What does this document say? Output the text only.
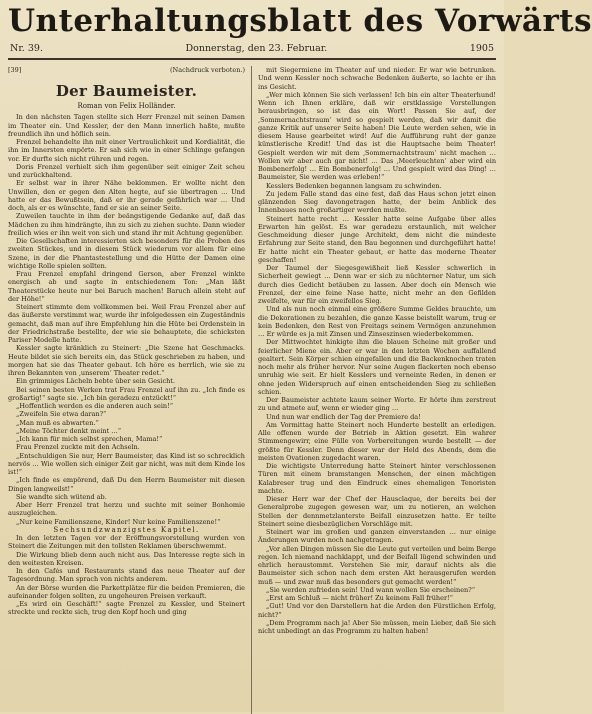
Unterhaltungsblatt des Vorwärts
Nr. 39.	Donnerstag, den 23. Februar.	1905
[39]	(Nachdruck verboten.)
Der Baumeister.
Roman von Felix Holländer.

In den nächsten Tagen stellte sich Herr Frenzel mit seinen Damen im Theater ein. Und Kessler, der den Mann innerlich haßte, mußte freundlich ihn und höflich sein.

Frenzel behandelte ihn mit einer Vertraulichkeit und Kordialität, die ihn im Innersten empörte. Er sah sich wie in einer Schlinge gefangen vor. Er durfte sich nicht rühren und regen.

Doris Frenzel verhielt sich ihm gegenüber seit einiger Zeit scheu und zurückhaltend.

Er selbst war in ihrer Nähe beklommen. Er wollte nicht den Unwillen, den er gegen den Alten hegte, auf sie übertragen … Und hatte er das Bewußtsein, daß er ihr gerade gefährlich war … Und doch, als er es wünschte, fand er sie an seiner Seite.

Zuweilen tauchte in ihm der beängstigende Gedanke auf, daß das Mädchen zu ihm hindrängte, ihn zu sich zu ziehen suchte. Dann wieder freilich wies er ihn weit von sich und stand ihr mit Achtung gegenüber.

Die Gesellschaften interessierten sich besonders für die Proben des zweiten Stückes, und in diesem Stück wiederum vor allem für eine Szene, in der die Phantastestellung und die Hütte der Damen eine wichtige Rolle spielen sollten.

Frau Frenzel empfahl dringend Gerson, aber Frenzel winkte energisch ab und sagte in entschiedenem Ton: „Man läßt Theaterstücke heute nur bei Baruch machen! Baruch allein steht auf der Höhe!“

Steinert stimmte dem vollkommen bei. Weil Frau Frenzel aber auf das äußerste verstimmt war, wurde ihr infolgedessen ein Zugeständnis gemacht, daß man auf ihre Empfehlung hin die Hüte bei Ordenstein in der Friedrichstraße bestellte, der wie sie behauptete, die schicksten Pariser Modelle hatte.

Kessler sagte kränklich zu Steinert: „Die Szene hat Geschmacks. Heute bildet sie sich bereits ein, das Stück geschrieben zu haben, und morgen hat sie das Theater gebaut. Ich höre es herrlich, wie sie zu ihren Bekannten von ‚unserem‘ Theater redet.“

Ein grimmiges Lächeln bebte über sein Gesicht.

Bei seinen besten Werken trat Frau Frenzel auf ihn zu. „Ich finde es großartig!“ sagte sie. „Ich bin geradezu entzückt!“

„Hoffentlich werden es die anderen auch sein!“

„Zweifeln Sie etwa daran?“

„Man muß es abwarten.“

„Meine Töchter denkt meint …“

„Ich kann für mich selbst sprechen, Mama!“

Frau Frenzel zuckte mit den Achseln.

„Entschuldigen Sie nur, Herr Baumeister, das Kind ist so schrecklich nervös … Wie wollen sich einiger Zeit gar nicht, was mit dem Kinde los ist!“

„Ich finde es empörend, daß Du den Herrn Baumeister mit diesen Dingen langweilst!“

Sie wandte sich wütend ab.

Aber Herr Frenzel trat herzu und suchte mit seiner Bonhomie auszugleichen.

„Nur keine Familienszene, Kinder! Nur keine Familienszene!“

Sechsundzwanzigstes Kapitel.

In den letzten Tagen vor der Eröffnungsvorstellung wurden von Steinert die Zeitungen mit den tollsten Reklamen überschwemmt.

Die Wirkung blieb denn auch nicht aus. Das Interesse regte sich in den weitesten Kreisen.

In den Cafés und Restaurants stand das neue Theater auf der Tagesordnung. Man sprach von nichts anderem.

An der Börse wurden die Parkettplätze für die beiden Premieren, die aufeinander folgen sollten, zu ungeheuren Preisen verkauft.

„Es wird ein Geschäft!“ sagte Frenzel zu Kessler, und Steinert streckte und reckte sich, trug den Kopf hoch und ging

mit Siegermiene im Theater auf und nieder. Er war wie betrunken. Und wenn Kessler noch schwache Bedenken äußerte, so lachte er ihn ins Gesicht.

„Wer mich können Sie sich verlassen! Ich bin ein alter Theaterhund! Wenn ich Ihnen erkläre, daß wir erstklassige Vorstellungen herausbringen, so ist das ein Wort! Passen Sie auf, der ‚Sommernachtstraum‘ wird so gespielt werden, daß wir damit die ganze Kritik auf unserer Seite haben! Die Leute werden sehen, wie in diesem Hause gearbeitet wird! Auf die Aufführung ruht der ganze künstlerische Kredit! Und das ist die Hauptsache beim Theater! Gespielt werden wir mit dem ‚Sommernachtstraum‘ nicht machen … Wollen wir aber auch gar nicht! … Das ‚Meerleuchten‘ aber wird ein Bombenerfolg! … Ein Bombenerfolg! … Und gespielt wird das Ding! … Baumeister, Sie werden was erleben!“

Kesslers Bedenken begannen langsam zu schwinden.

Zu jedem Falle stand das eine fest, daß das Haus schon jetzt einen glänzenden Sieg davongetragen hatte, der beim Anblick des Innenbaues noch großartiger werden mußte.

Steinert hatte recht … Kessler hatte seine Aufgabe über alles Erwarten hin gelöst. Es war geradezu erstaunlich, mit welcher Geschmeidung dieser junge Architekt, dem nicht die mindeste Erfahrung zur Seite stand, den Bau begonnen und durchgeführt hatte! Er hatte nicht ein Theater gebaut, er hatte das moderne Theater geschaffen!

Der Taumel der Siegesgewißheit ließ Kessler schwerlich in Sicherheit gewiegt … Denn war er sich zu nüchterner Natur, um sich durch dies Gedicht betäuben zu lassen. Aber doch ein Mensch wie Frenzel, der eine feine Nase hatte, nicht mehr an den Gefilden zweifelte, war für ein zweifellos Sieg.

Und als nun noch einmal eine größere Summe Geldes brauchte, um die Dekorationen zu bezahlen, die ganze Kasse beistellt warum, trug er kein Bedenken, den Rest von Freitags seinem Vermögen anzunehmen … Er würde es ja mit Zinsen und Zinseszinsen wiederbekommen.

Der Mittwochtet hinkigte ihm die blauen Scheine mit großer und feierlicher Miene ein. Aber er war in den letzten Wochen auffallend gealtert. Sein Körper schien eingefallen und die Backenknochen traten noch mehr als früher hervor. Nur seine Augen flackerten noch ebenso unruhig wie seit. Er hielt Kesslers und verneinte Reden, in denen er ohne jeden Widerspruch auf einen entscheidenden Sieg zu schließen schien.

Der Baumeister achtete kaum seiner Worte. Er hörte ihm zerstreut zu und atmete auf, wenn er wieder ging …

Und nun war endlich der Tag der Premiere da!

Am Vormittag hatte Steinert noch Hunderte bestellt an erledigen. Alle offenen wurde der Betrieb in Aktion gesetzt. Ein wahrer Stimmengewirr, eine Fülle von Vorbereitungen wurde bestellt — der größte für Kessler. Denn dieser war der Held des Abends, dem die meisten Ovationen zugedacht waren.

Die wichtigste Unterredung hatte Steinert hinter verschlossenen Türen mit einem bramstangen Menschen, der einen mächtigen Kalabreser trug und den Eindruck eines ehemaligen Tenoristen machte.

Dieser Herr war der Chef der Hausclaque, der bereits bei der Generalprobe zugegen gewesen war, um zu notieren, an welchen Stellen der dennmetzlanterste Beifall einzusetzen hatte. Er teilte Steinert seine diesbezüglichen Vorschläge mit.

Steinert war im großen und ganzen einverstanden … nur einige Änderungen wurden noch nachgetragen.

„Vor allen Dingen müssen Sie die Leute gut verteilen und beim Berge regen. Ich niemand nachklappt, und der Beifall lügend schwinden und ehrlich heraustommt. Verstehen Sie mir, darauf nichts als die Baumeister sich schon nach dem ersten Akt herausgerufen werden muß — und zwar muß das besonders gut gemacht werden!“

„Sie werden zufrieden sein! Und wann wollen Sie erscheinen?“

„Erst am Schluß — nicht früher! Zu keinem Fall früher!“

„Gut! Und vor den Darstellern hat die Arden den Fürstlichen Erfolg, nicht?“

„Dem Programm nach ja! Aber Sie müssen, mein Lieber, daß Sie sich nicht unbedingt an das Programm zu halten haben!
